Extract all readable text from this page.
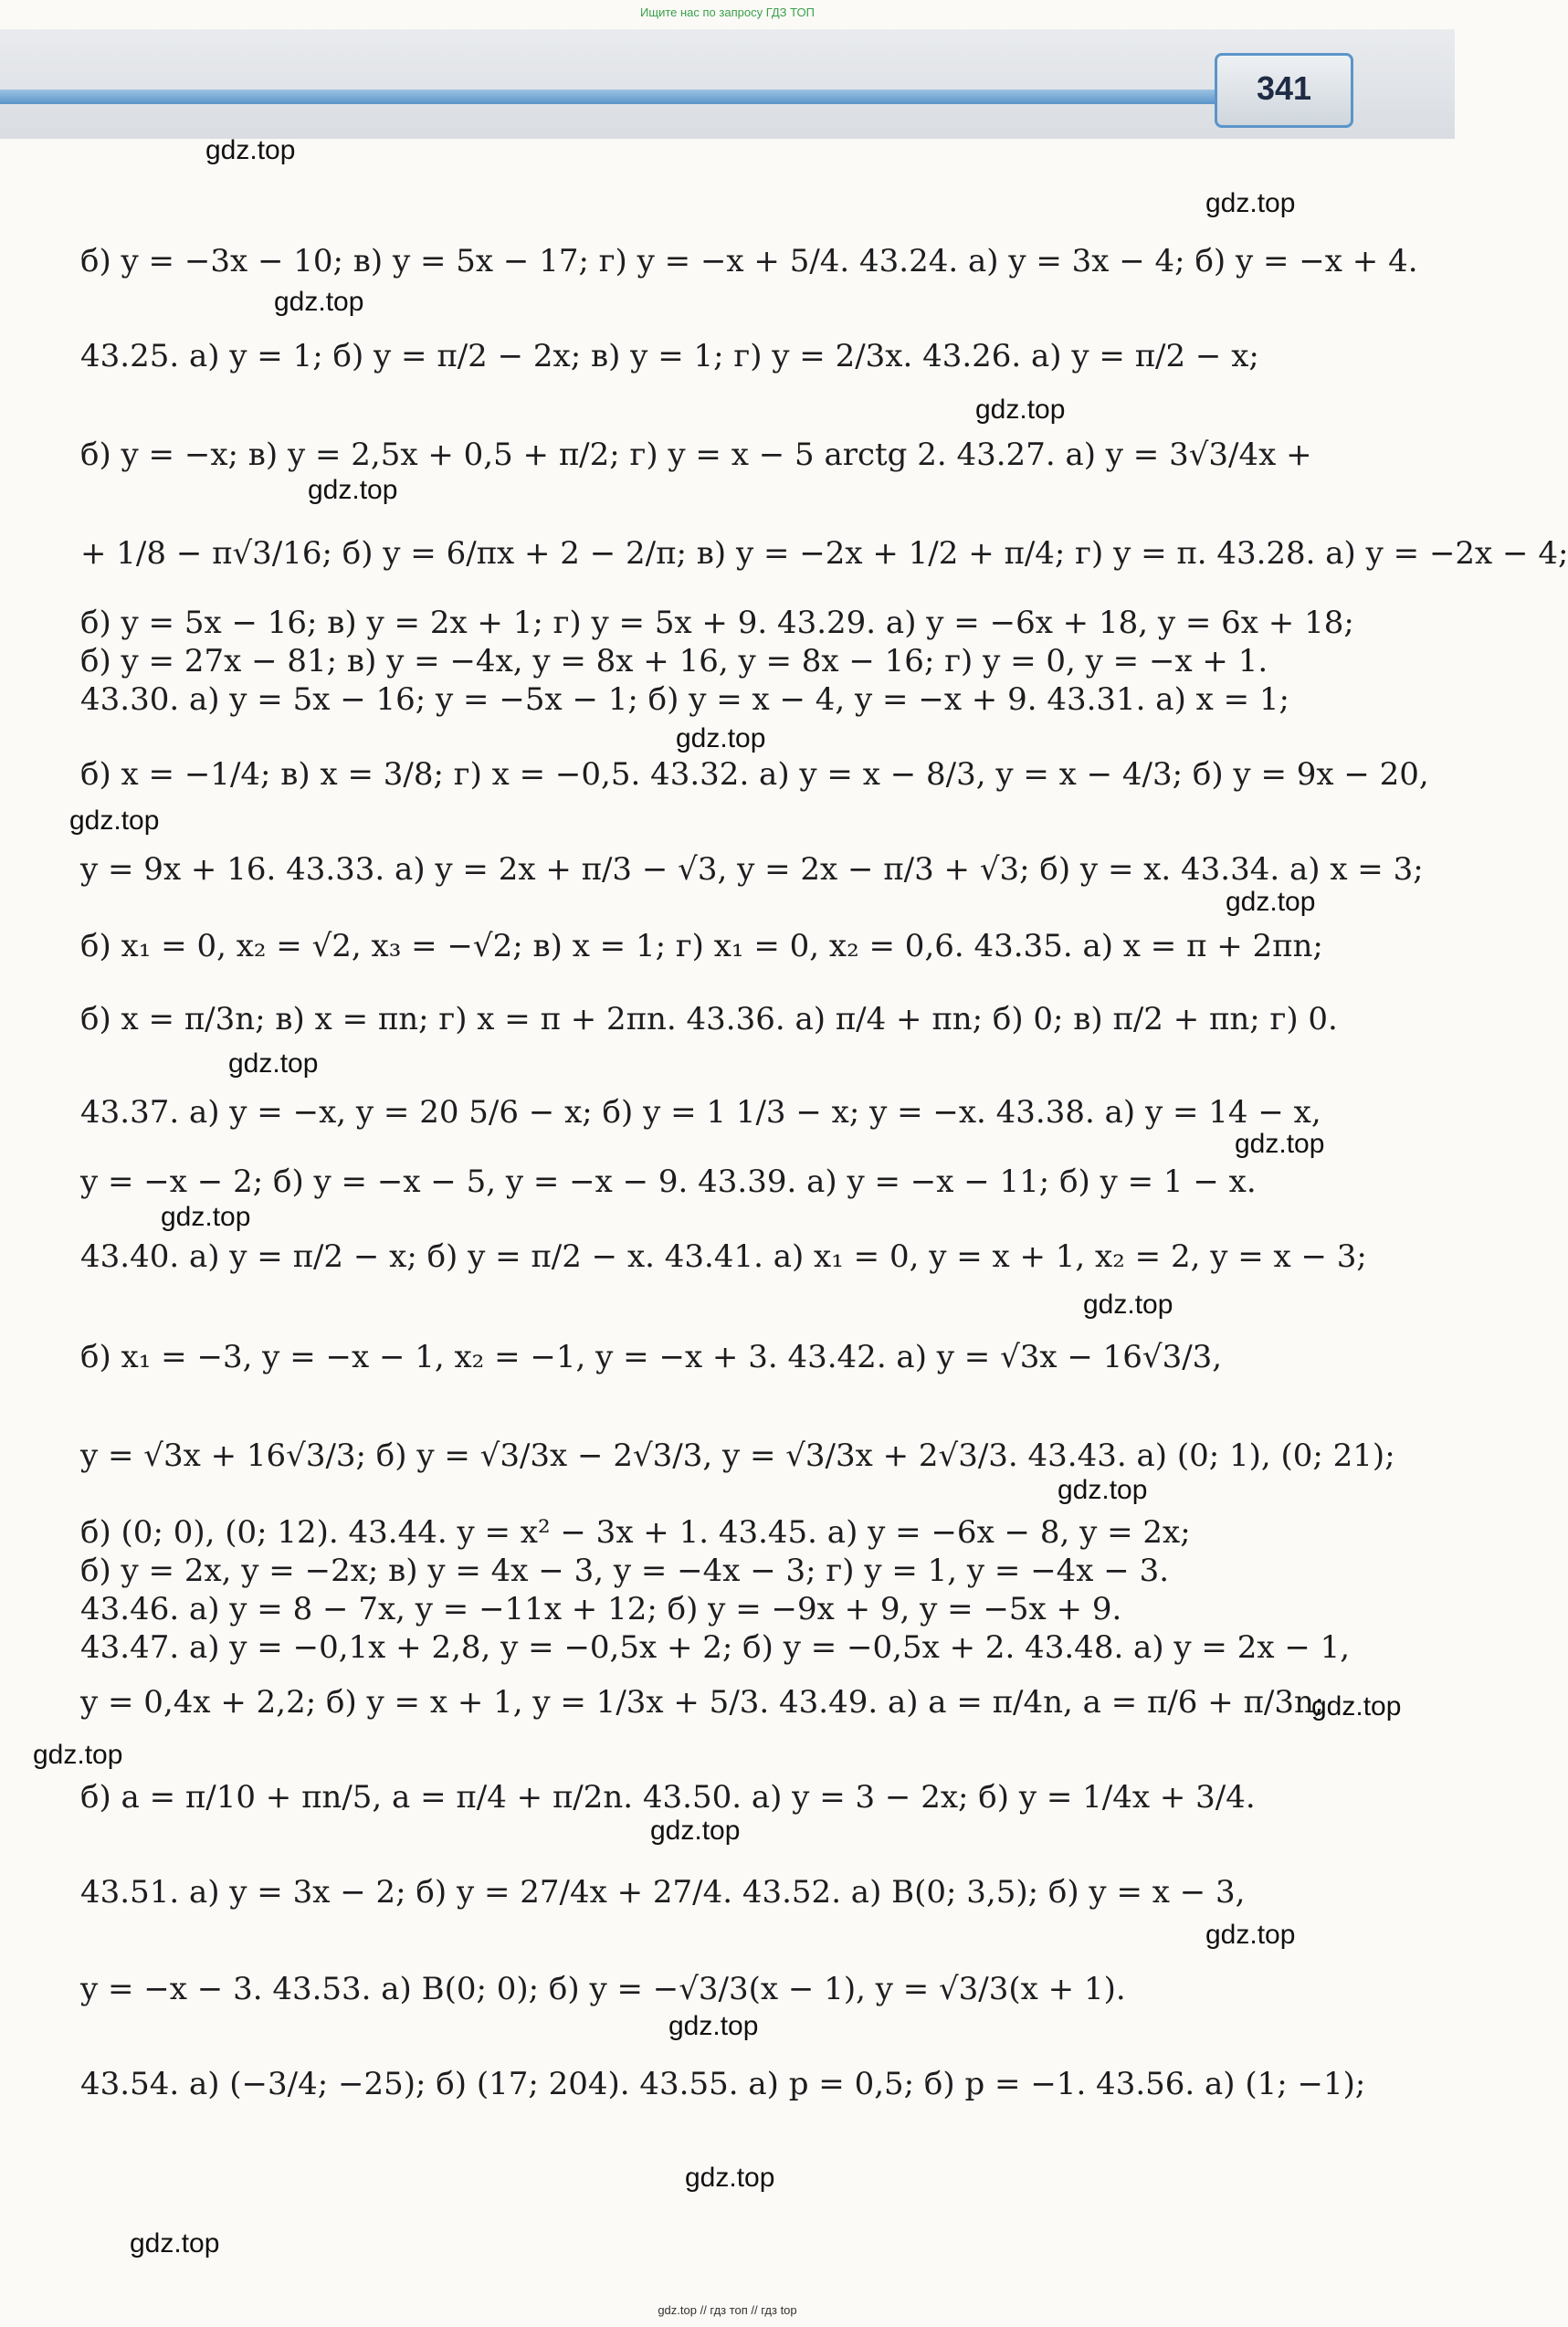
Ищите нас по запросу ГДЗ ТОП
341
б) y = −3x − 10; в) y = 5x − 17; г) y = −x + 5/4. 43.24. а) y = 3x − 4; б) y = −x + 4.
43.25. а) y = 1; б) y = π/2 − 2x; в) y = 1; г) y = 2/3x. 43.26. а) y = π/2 − x;
б) y = −x; в) y = 2,5x + 0,5 + π/2; г) y = x − 5 arctg 2. 43.27. а) y = 3√3/4x +
+ 1/8 − π√3/16; б) y = 6/πx + 2 − 2/π; в) y = −2x + 1/2 + π/4; г) y = π. 43.28. а) y = −2x − 4;
б) y = 5x − 16; в) y = 2x + 1; г) y = 5x + 9. 43.29. а) y = −6x + 18, y = 6x + 18;
б) y = 27x − 81; в) y = −4x, y = 8x + 16, y = 8x − 16; г) y = 0, y = −x + 1.
43.30. а) y = 5x − 16; y = −5x − 1; б) y = x − 4, y = −x + 9. 43.31. а) x = 1;
б) x = −1/4; в) x = 3/8; г) x = −0,5. 43.32. а) y = x − 8/3, y = x − 4/3; б) y = 9x − 20,
y = 9x + 16. 43.33. а) y = 2x + π/3 − √3, y = 2x − π/3 + √3; б) y = x. 43.34. а) x = 3;
б) x₁ = 0, x₂ = √2, x₃ = −√2; в) x = 1; г) x₁ = 0, x₂ = 0,6. 43.35. а) x = π + 2πn;
б) x = π/3n; в) x = πn; г) x = π + 2πn. 43.36. а) π/4 + πn; б) 0; в) π/2 + πn; г) 0.
43.37. а) y = −x, y = 20 5/6 − x; б) y = 1 1/3 − x; y = −x. 43.38. а) y = 14 − x,
y = −x − 2; б) y = −x − 5, y = −x − 9. 43.39. а) y = −x − 11; б) y = 1 − x.
43.40. а) y = π/2 − x; б) y = π/2 − x. 43.41. а) x₁ = 0, y = x + 1, x₂ = 2, y = x − 3;
б) x₁ = −3, y = −x − 1, x₂ = −1, y = −x + 3. 43.42. а) y = √3x − 16√3/3,
y = √3x + 16√3/3; б) y = √3/3x − 2√3/3, y = √3/3x + 2√3/3. 43.43. а) (0; 1), (0; 21);
б) (0; 0), (0; 12). 43.44. y = x² − 3x + 1. 43.45. а) y = −6x − 8, y = 2x;
б) y = 2x, y = −2x; в) y = 4x − 3, y = −4x − 3; г) y = 1, y = −4x − 3.
43.46. а) y = 8 − 7x, y = −11x + 12; б) y = −9x + 9, y = −5x + 9.
43.47. а) y = −0,1x + 2,8, y = −0,5x + 2; б) y = −0,5x + 2. 43.48. а) y = 2x − 1,
y = 0,4x + 2,2; б) y = x + 1, y = 1/3x + 5/3. 43.49. а) a = π/4n, a = π/6 + π/3n;
б) a = π/10 + πn/5, a = π/4 + π/2n. 43.50. а) y = 3 − 2x; б) y = 1/4x + 3/4.
43.51. а) y = 3x − 2; б) y = 27/4x + 27/4. 43.52. а) B(0; 3,5); б) y = x − 3,
y = −x − 3. 43.53. а) B(0; 0); б) y = −√3/3(x − 1), y = √3/3(x + 1).
43.54. а) (−3/4; −25); б) (17; 204). 43.55. а) p = 0,5; б) p = −1. 43.56. а) (1; −1);
gdz.top
gdz.top
gdz.top
gdz.top
gdz.top
gdz.top
gdz.top
gdz.top
gdz.top
gdz.top
gdz.top
gdz.top
gdz.top
gdz.top
gdz.top
gdz.top
gdz.top
gdz.top
gdz.top
gdz.top
gdz.top // гдз топ // гдз top
